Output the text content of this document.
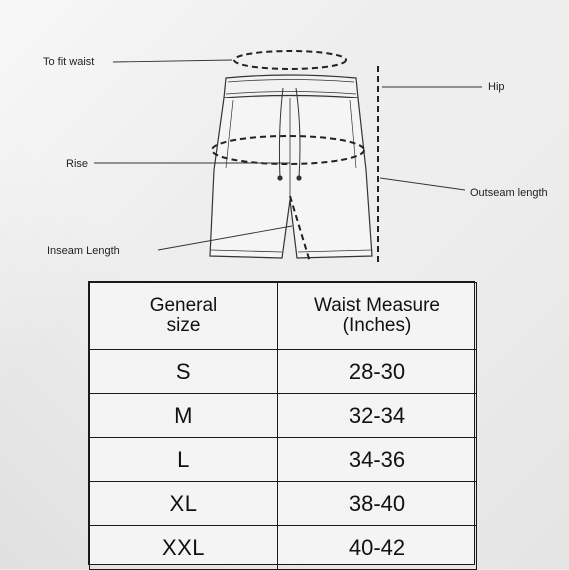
To fit waist
Hip
Rise
Outseam length
Inseam Length
General
size	Waist Measure
(Inches)
S	28-30
M	32-34
L	34-36
XL	38-40
XXL	40-42
